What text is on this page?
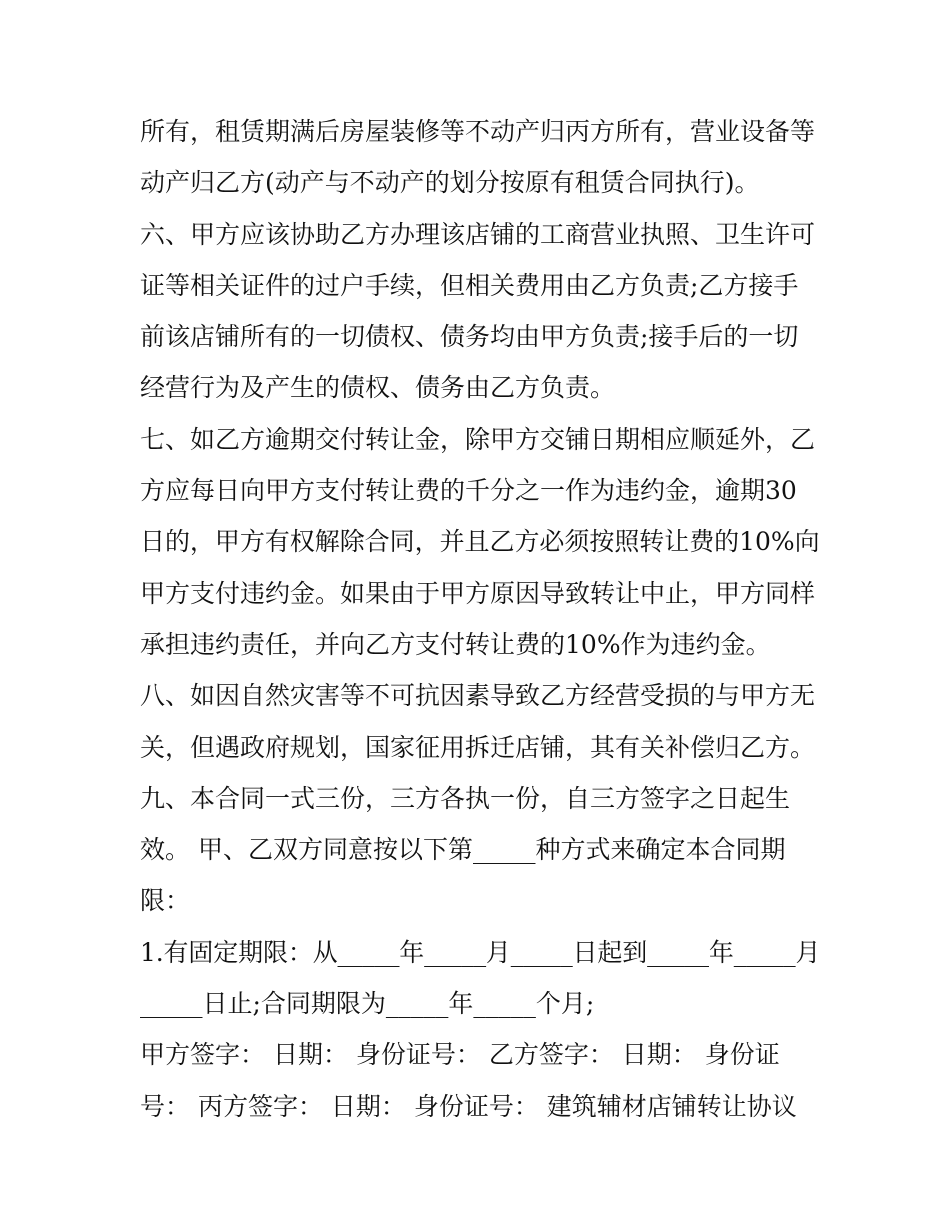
所有，租赁期满后房屋装修等不动产归丙方所有，营业设备等
动产归乙方(动产与不动产的划分按原有租赁合同执行)。
六、甲方应该协助乙方办理该店铺的工商营业执照、卫生许可
证等相关证件的过户手续，但相关费用由乙方负责;乙方接手
前该店铺所有的一切债权、债务均由甲方负责;接手后的一切
经营行为及产生的债权、债务由乙方负责。
七、如乙方逾期交付转让金，除甲方交铺日期相应顺延外，乙
方应每日向甲方支付转让费的千分之一作为违约金，逾期30
日的，甲方有权解除合同，并且乙方必须按照转让费的10%向
甲方支付违约金。如果由于甲方原因导致转让中止，甲方同样
承担违约责任，并向乙方支付转让费的10%作为违约金。
八、如因自然灾害等不可抗因素导致乙方经营受损的与甲方无
关，但遇政府规划，国家征用拆迁店铺，其有关补偿归乙方。
九、本合同一式三份，三方各执一份，自三方签字之日起生
效。 甲、乙双方同意按以下第_____种方式来确定本合同期
限：
1.有固定期限：从_____年_____月_____日起到_____年_____月
_____日止;合同期限为_____年_____个月;
甲方签字： 日期： 身份证号： 乙方签字： 日期： 身份证
号： 丙方签字： 日期： 身份证号： 建筑辅材店铺转让协议
